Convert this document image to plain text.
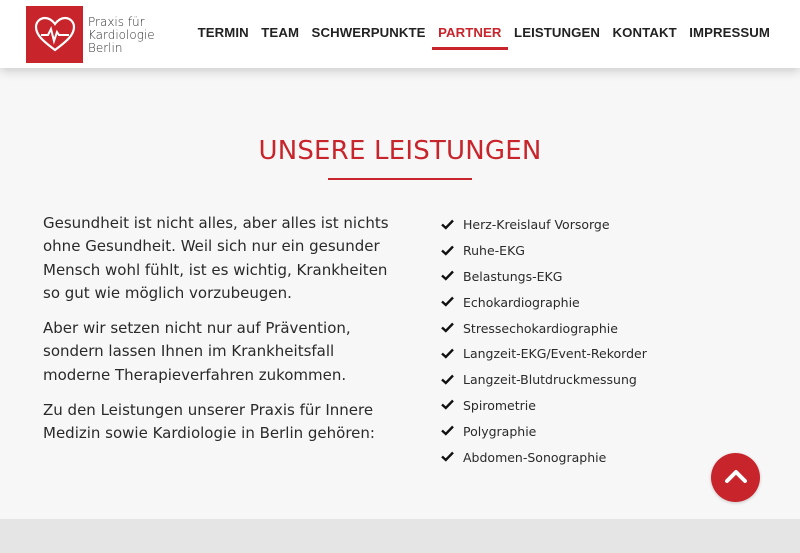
Praxis für
Kardiologie
Berlin
TERMIN TEAM SCHWERPUNKTE PARTNER LEISTUNGEN KONTAKT IMPRESSUM
UNSERE LEISTUNGEN

Gesundheit ist nicht alles, aber alles ist nichts ohne Gesundheit. Weil sich nur ein gesunder Mensch wohl fühlt, ist es wichtig, Krankheiten so gut wie möglich vorzubeugen.

Aber wir setzen nicht nur auf Prävention, sondern lassen Ihnen im Krankheitsfall moderne Therapieverfahren zukommen.

Zu den Leistungen unserer Praxis für Innere Medizin sowie Kardiologie in Berlin gehören:

Herz-Kreislauf Vorsorge
Ruhe-EKG
Belastungs-EKG
Echokardiographie
Stressechokardiographie
Langzeit-EKG/Event-Rekorder
Langzeit-Blutdruckmessung
Spirometrie
Polygraphie
Abdomen-Sonographie
